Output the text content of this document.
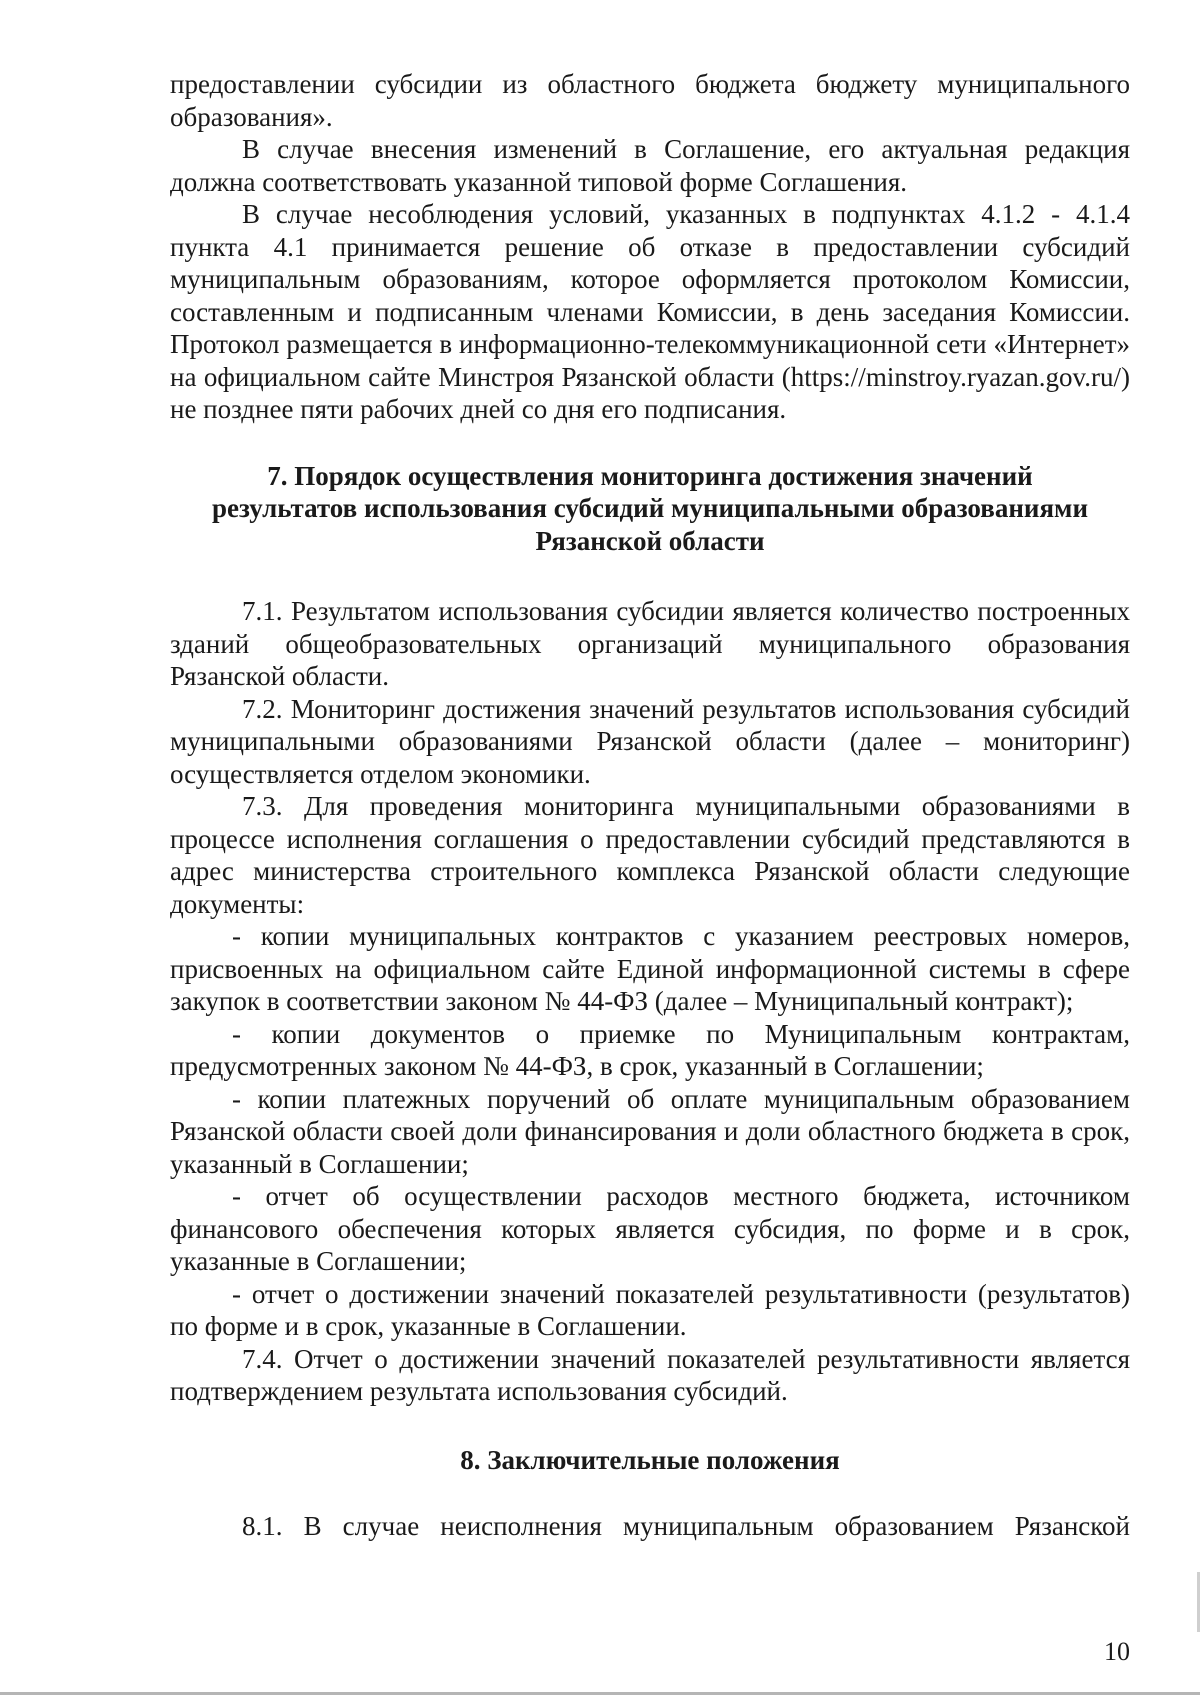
предоставлении субсидии из областного бюджета бюджету муниципального образования».

В случае внесения изменений в Соглашение, его актуальная редакция должна соответствовать указанной типовой форме Соглашения.

В случае несоблюдения условий, указанных в подпунктах 4.1.2 - 4.1.4 пункта 4.1 принимается решение об отказе в предоставлении субсидий муниципальным образованиям, которое оформляется протоколом Комиссии, составленным и подписанным членами Комиссии, в день заседания Комиссии. Протокол размещается в информационно-телекоммуникационной сети «Интернет» на официальном сайте Минстроя Рязанской области (https://minstroy.ryazan.gov.ru/) не позднее пяти рабочих дней со дня его подписания.

7. Порядок осуществления мониторинга достижения значений результатов использования субсидий муниципальными образованиями Рязанской области

7.1. Результатом использования субсидии является количество построенных зданий общеобразовательных организаций муниципального образования Рязанской области.

7.2. Мониторинг достижения значений результатов использования субсидий муниципальными образованиями Рязанской области (далее – мониторинг) осуществляется отделом экономики.

7.3. Для проведения мониторинга муниципальными образованиями в процессе исполнения соглашения о предоставлении субсидий представляются в адрес министерства строительного комплекса Рязанской области следующие документы:

- копии муниципальных контрактов с указанием реестровых номеров, присвоенных на официальном сайте Единой информационной системы в сфере закупок в соответствии законом № 44-ФЗ (далее – Муниципальный контракт);

- копии документов о приемке по Муниципальным контрактам, предусмотренных законом № 44-ФЗ, в срок, указанный в Соглашении;

- копии платежных поручений об оплате муниципальным образованием Рязанской области своей доли финансирования и доли областного бюджета в срок, указанный в Соглашении;

- отчет об осуществлении расходов местного бюджета, источником финансового обеспечения которых является субсидия, по форме и в срок, указанные в Соглашении;

- отчет о достижении значений показателей результативности (результатов) по форме и в срок, указанные в Соглашении.

7.4. Отчет о достижении значений показателей результативности является подтверждением результата использования субсидий.

8. Заключительные положения

8.1. В случае неисполнения муниципальным образованием Рязанской

10
